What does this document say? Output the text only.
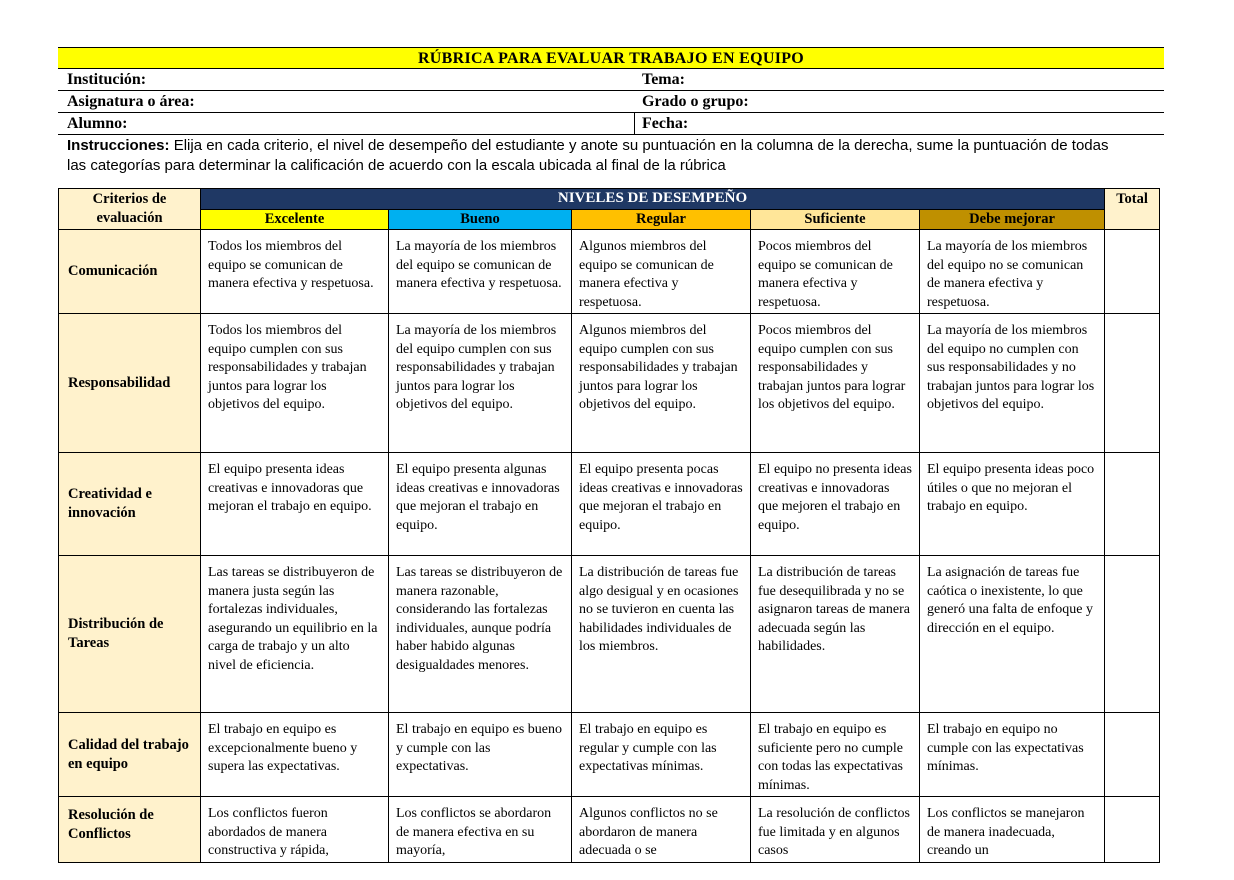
RÚBRICA PARA EVALUAR TRABAJO EN EQUIPO
Institución:	Tema:
Asignatura o área:	Grado o grupo:
Alumno:	Fecha:
Instrucciones: Elija en cada criterio, el nivel de desempeño del estudiante y anote su puntuación en la columna de la derecha, sume la puntuación de todas las categorías para determinar la calificación de acuerdo con la escala ubicada al final de la rúbrica
Criterios de evaluación	NIVELES DE DESEMPEÑO					Total
	Excelente	Bueno	Regular	Suficiente	Debe mejorar	
Comunicación	Todos los miembros del equipo se comunican de manera efectiva y respetuosa.	La mayoría de los miembros del equipo se comunican de manera efectiva y respetuosa.	Algunos miembros del equipo se comunican de manera efectiva y respetuosa.	Pocos miembros del equipo se comunican de manera efectiva y respetuosa.	La mayoría de los miembros del equipo no se comunican de manera efectiva y respetuosa.	
Responsabilidad	Todos los miembros del equipo cumplen con sus responsabilidades y trabajan juntos para lograr los objetivos del equipo.	La mayoría de los miembros del equipo cumplen con sus responsabilidades y trabajan juntos para lograr los objetivos del equipo.	Algunos miembros del equipo cumplen con sus responsabilidades y trabajan juntos para lograr los objetivos del equipo.	Pocos miembros del equipo cumplen con sus responsabilidades y trabajan juntos para lograr los objetivos del equipo.	La mayoría de los miembros del equipo no cumplen con sus responsabilidades y no trabajan juntos para lograr los objetivos del equipo.	
Creatividad e innovación	El equipo presenta ideas creativas e innovadoras que mejoran el trabajo en equipo.	El equipo presenta algunas ideas creativas e innovadoras que mejoran el trabajo en equipo.	El equipo presenta pocas ideas creativas e innovadoras que mejoran el trabajo en equipo.	El equipo no presenta ideas creativas e innovadoras que mejoren el trabajo en equipo.	El equipo presenta ideas poco útiles o que no mejoran el trabajo en equipo.	
Distribución de Tareas	Las tareas se distribuyeron de manera justa según las fortalezas individuales, asegurando un equilibrio en la carga de trabajo y un alto nivel de eficiencia.	Las tareas se distribuyeron de manera razonable, considerando las fortalezas individuales, aunque podría haber habido algunas desigualdades menores.	La distribución de tareas fue algo desigual y en ocasiones no se tuvieron en cuenta las habilidades individuales de los miembros.	La distribución de tareas fue desequilibrada y no se asignaron tareas de manera adecuada según las habilidades.	La asignación de tareas fue caótica o inexistente, lo que generó una falta de enfoque y dirección en el equipo.	
Calidad del trabajo en equipo	El trabajo en equipo es excepcionalmente bueno y supera las expectativas.	El trabajo en equipo es bueno y cumple con las expectativas.	El trabajo en equipo es regular y cumple con las expectativas mínimas.	El trabajo en equipo es suficiente pero no cumple con todas las expectativas mínimas.	El trabajo en equipo no cumple con las expectativas mínimas.	
Resolución de Conflictos	Los conflictos fueron abordados de manera constructiva y rápida,	Los conflictos se abordaron de manera efectiva en su mayoría,	Algunos conflictos no se abordaron de manera adecuada o se	La resolución de conflictos fue limitada y en algunos casos	Los conflictos se manejaron de manera inadecuada, creando un	
